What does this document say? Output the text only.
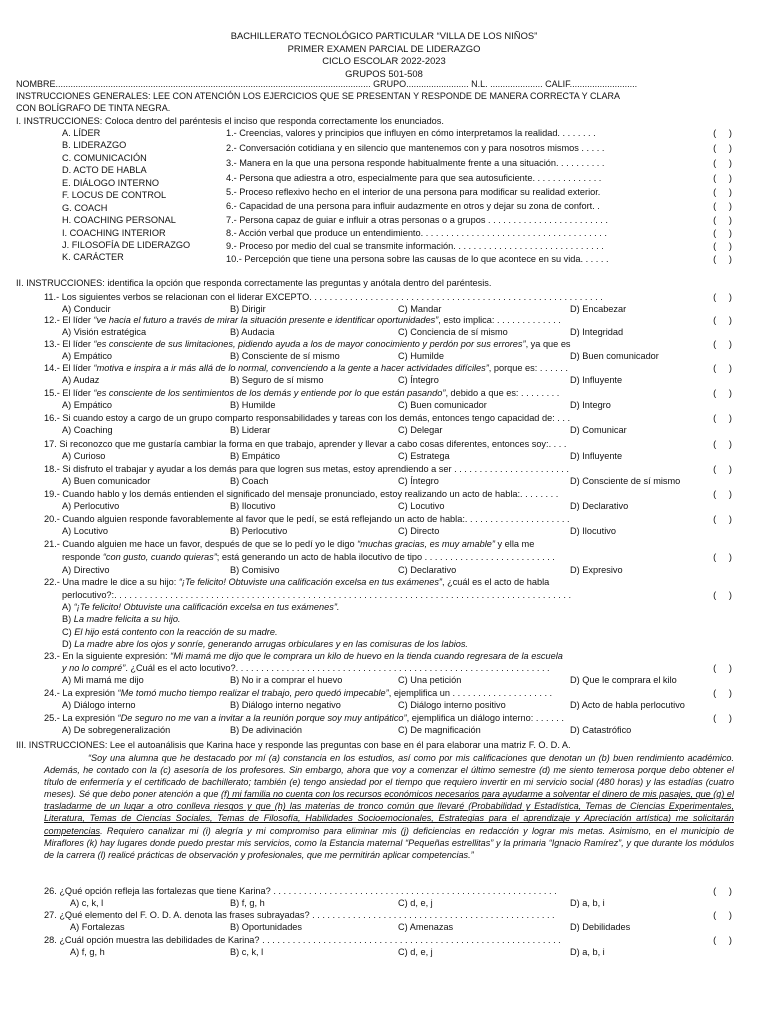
BACHILLERATO TECNOLÓGICO PARTICULAR “VILLA DE LOS NIÑOS”
PRIMER EXAMEN PARCIAL DE LIDERAZGO
CICLO ESCOLAR 2022-2023
GRUPOS 501-508
NOMBRE.............................................................................................................................. GRUPO......................... N.L. ..................... CALIF...........................
INSTRUCCIONES GENERALES: LEE CON ATENCIÓN LOS EJERCICIOS QUE SE PRESENTAN Y RESPONDE DE MANERA CORRECTA Y CLARA
CON BOLÍGRAFO DE TINTA NEGRA.
I. INSTRUCCIONES: Coloca dentro del paréntesis el inciso que responda correctamente los enunciados.
A. LÍDER
B. LIDERAZGO
C. COMUNICACIÓN
D. ACTO DE HABLA
E. DIÁLOGO INTERNO
F. LOCUS DE CONTROL
G. COACH
H. COACHING PERSONAL
I. COACHING INTERIOR
J. FILOSOFÍA DE LIDERAZGO
K. CARÁCTER
1.- Creencias, valores y principios que influyen en cómo interpretamos la realidad. . . . . . . .	(     )
2.- Conversación cotidiana y en silencio que mantenemos con y para nosotros mismos . . . . .	(     )
3.- Manera en la que una persona responde habitualmente frente a una situación. . . . . . . . . .	(     )
4.- Persona que adiestra a otro, especialmente para que sea autosuficiente. . . . . . . . . . . . . .	(     )
5.- Proceso reflexivo hecho en el interior de una persona para modificar su realidad exterior.	(     )
6.- Capacidad de una persona para influir audazmente en otros y dejar su zona de confort. .	(     )
7.- Persona capaz de guiar e influir a otras personas o a grupos . . . . . . . . . . . . . . . . . . . . . . . .	(     )
8.- Acción verbal que produce un entendimiento. . . . . . . . . . . . . . . . . . . . . . . . . . . . . . . . . . . . .	(     )
9.- Proceso por medio del cual se transmite información. . . . . . . . . . . . . . . . . . . . . . . . . . . . . .	(     )
10.- Percepción que tiene una persona sobre las causas de lo que acontece en su vida. . . . . .	(     )
II. INSTRUCCIONES: identifica la opción que responda correctamente las preguntas y anótala dentro del paréntesis.
11.- Los siguientes verbos se relacionan con el liderar EXCEPTO. . . . . . . . . . . . . . . . . . . . . . . . . . . . . . . . . . . . . . . . . . . . . . . . . . . . . . . . . .	(     )
A) Conducir	B) Dirigir	C) Mandar	D) Encabezar
12.- El líder “ve hacia el futuro a través de mirar la situación presente e identificar oportunidades”, esto implica: . . . . . . . . . . . . .	(     )
A) Visión estratégica	B) Audacia	C) Conciencia de sí mismo	D) Integridad
13.- El líder “es consciente de sus limitaciones, pidiendo ayuda a los de mayor conocimiento y perdón por sus errores”, ya que es	(     )
A) Empático	B) Consciente de sí mismo	C) Humilde	D) Buen comunicador
14.- El líder “motiva e inspira a ir más allá de lo normal, convenciendo a la gente a hacer actividades difíciles”, porque es: . . . . . .	(     )
A) Audaz	B) Seguro de sí mismo	C) Íntegro	D) Influyente
15.- El líder “es consciente de los sentimientos de los demás y entiende por lo que están pasando”, debido a que es: . . . . . . . .	(     )
A) Empático	B) Humilde	C) Buen comunicador	D) Integro
16.- Si cuando estoy a cargo de un grupo comparto responsabilidades y tareas con los demás, entonces tengo capacidad de: . . .	(     )
A) Coaching	B) Liderar	C) Delegar	D) Comunicar
17. Si reconozco que me gustaría cambiar la forma en que trabajo, aprender y llevar a cabo cosas diferentes, entonces soy:. . . .	(     )
A) Curioso	B) Empático	C) Estratega	D) Influyente
18.- Si disfruto el trabajar y ayudar a los demás para que logren sus metas, estoy aprendiendo a ser . . . . . . . . . . . . . . . . . . . . . . .	(     )
A) Buen comunicador	B) Coach	C) Íntegro	D) Consciente de sí mismo
19.- Cuando hablo y los demás entienden el significado del mensaje pronunciado, estoy realizando un acto de habla:. . . . . . . .	(     )
A) Perlocutivo	B) Ilocutivo	C) Locutivo	D) Declarativo
20.- Cuando alguien responde favorablemente al favor que le pedí, se está reflejando un acto de habla:. . . . . . . . . . . . . . . . . . . . .	(     )
A) Locutivo	B) Perlocutivo	C) Directo	D) Ilocutivo
21.- Cuando alguien me hace un favor, después de que se lo pedí yo le digo “muchas gracias, es muy amable” y ella me
responde “con gusto, cuando quieras”; está generando un acto de habla ilocutivo de tipo . . . . . . . . . . . . . . . . . . . . . . . . . .	(     )
A) Directivo	B) Comisivo	C) Declarativo	D) Expresivo
22.- Una madre le dice a su hijo: “¡Te felicito! Obtuviste una calificación excelsa en tus exámenes”, ¿cuál es el acto de habla
perlocutivo?:. . . . . . . . . . . . . . . . . . . . . . . . . . . . . . . . . . . . . . . . . . . . . . . . . . . . . . . . . . . . . . . . . . . . . . . . . . . . . . . . . . . . . . . . . .	(     )
A) “¡Te felicito! Obtuviste una calificación excelsa en tus exámenes”.
B) La madre felicita a su hijo.
C) El hijo está contento con la reacción de su madre.
D) La madre abre los ojos y sonríe, generando arrugas orbiculares y en las comisuras de los labios.
23.- En la siguiente expresión: “Mi mamá me dijo que le comprara un kilo de huevo en la tienda cuando regresara de la escuela
y no lo compré”. ¿Cuál es el acto locutivo?. . . . . . . . . . . . . . . . . . . . . . . . . . . . . . . . . . . . . . . . . . . . . . . . . . . . . . . . . . . . . .	(     )
A) Mi mamá me dijo	B) No ir a comprar el huevo	C) Una petición	D) Que le comprara el kilo
24.- La expresión “Me tomó mucho tiempo realizar el trabajo, pero quedó impecable”, ejemplifica un . . . . . . . . . . . . . . . . . . . .	(     )
A) Diálogo interno	B) Diálogo interno negativo	C) Diálogo interno positivo	D) Acto de habla perlocutivo
25.- La expresión “De seguro no me van a invitar a la reunión porque soy muy antipático”, ejemplifica un diálogo interno: . . . . . .	(     )
A) De sobregeneralización	B) De adivinación	C) De magnificación	D) Catastrófico
III. INSTRUCCIONES: Lee el autoanálisis que Karina hace y responde las preguntas con base en él para elaborar una matriz F. O. D. A.
“Soy una alumna que he destacado por mí (a) constancia en los estudios, así como por mis calificaciones que denotan un (b) buen rendimiento académico. Además, he contado con la (c) asesoría de los profesores. Sin embargo, ahora que voy a comenzar el último semestre (d) me siento temerosa porque debo obtener el título de enfermería y el certificado de bachillerato; también (e) tengo ansiedad por el tiempo que requiero invertir en mi servicio social (480 horas) y las estadías (cuatro meses). Sé que debo poner atención a que (f) mi familia no cuenta con los recursos económicos necesarios para ayudarme a solventar el dinero de mis pasajes, que (g) el trasladarme de un lugar a otro conlleva riesgos y que (h) las materias de tronco común que llevaré (Probabilidad y Estadística, Temas de Ciencias Experimentales, Literatura, Temas de Ciencias Sociales, Temas de Filosofía, Habilidades Socioemocionales, Estrategias para el aprendizaje y Apreciación artística) me solicitarán competencias. Requiero canalizar mi (i) alegría y mi compromiso para eliminar mis (j) deficiencias en redacción y lograr mis metas. Asimismo, en el municipio de Miraflores (k) hay lugares donde puedo prestar mis servicios, como la Estancia maternal “Pequeñas estrellitas” y la primaria “Ignacio Ramírez”, y que durante los módulos de la carrera (l) realicé prácticas de observación y profesionales, que me permitirán aplicar competencias.”
26. ¿Qué opción refleja las fortalezas que tiene Karina? . . . . . . . . . . . . . . . . . . . . . . . . . . . . . . . . . . . . . . . . . . . . . . . . . . . . . . . .	(     )
A) c, k, l	B) f, g, h	C) d, e, j	D) a, b, i
27. ¿Qué elemento del F. O. D. A. denota las frases subrayadas? . . . . . . . . . . . . . . . . . . . . . . . . . . . . . . . . . . . . . . . . . . . . . . . .	(     )
A) Fortalezas	B) Oportunidades	C) Amenazas	D) Debilidades
28. ¿Cuál opción muestra las debilidades de Karina? . . . . . . . . . . . . . . . . . . . . . . . . . . . . . . . . . . . . . . . . . . . . . . . . . . . . . . . . . . .	(     )
A) f, g, h	B) c, k, l	C) d, e, j	D) a, b, i
